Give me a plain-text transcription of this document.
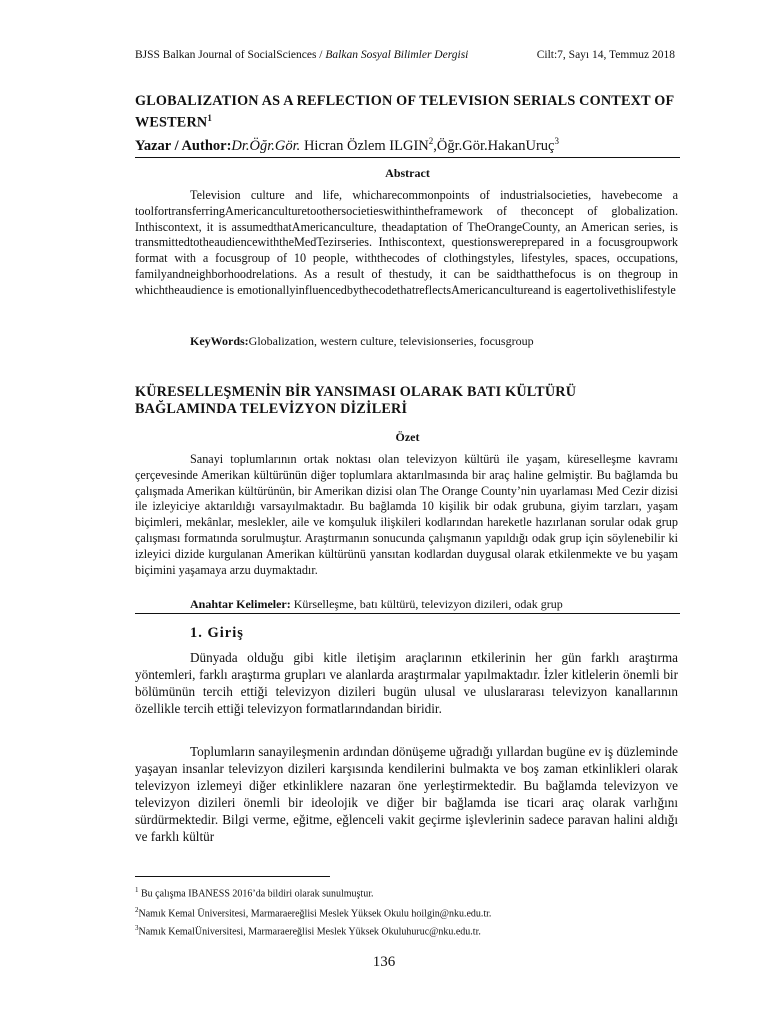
BJSS Balkan Journal of SocialSciences / Balkan Sosyal Bilimler Dergisi	Cilt:7, Sayı 14, Temmuz 2018
GLOBALIZATION AS A REFLECTION OF TELEVISION SERIALS CONTEXT OF WESTERN$^1$
Yazar / Author:Dr.Öğr.Gör. Hicran Özlem ILGIN$^2$,Öğr.Gör.HakanUruç$^3$
Abstract

Television culture and life, whicharecommonpoints of industrialsocieties, havebecome a toolfortransferringAmericanculturetoothersocietieswithintheframework of theconcept of globalization. Inthiscontext, it is assumedthatAmericanculture, theadaptation of TheOrangeCounty, an American series, is transmittedtotheaudiencewiththeMedTezirseries. Inthiscontext, questionswereprepared in a focusgroupwork format with a focusgroup of 10 people, withthecodes of clothingstyles, lifestyles, spaces, occupations, familyandneighborhoodrelations. As a result of thestudy, it can be saidthatthefocus is on thegroup in whichtheaudience is emotionallyinfluencedbythecodethatreflectsAmericancultureand is eagertolivethislifestyle

KeyWords:Globalization, western culture, televisionseries, focusgroup
KÜRESELLEŞMENİN BİR YANSIMASI OLARAK BATI KÜLTÜRÜ BAĞLAMINDA TELEVİZYON DİZİLERİ
Özet

Sanayi toplumlarının ortak noktası olan televizyon kültürü ile yaşam, küreselleşme kavramı çerçevesinde Amerikan kültürünün diğer toplumlara aktarılmasında bir araç haline gelmiştir. Bu bağlamda bu çalışmada Amerikan kültürünün, bir Amerikan dizisi olan The Orange County’nin uyarlaması Med Cezir dizisi ile izleyiciye aktarıldığı varsayılmaktadır. Bu bağlamda 10 kişilik bir odak grubuna, giyim tarzları, yaşam biçimleri, mekânlar, meslekler, aile ve komşuluk ilişkileri kodlarından hareketle hazırlanan sorular odak grup çalışması formatında sorulmuştur. Araştırmanın sonucunda çalışmanın yapıldığı odak grup için söylenebilir ki izleyici dizide kurgulanan Amerikan kültürünü yansıtan kodlardan duygusal olarak etkilenmekte ve bu yaşam biçimini yaşamaya arzu duymaktadır.

Anahtar Kelimeler: Kürselleşme, batı kültürü, televizyon dizileri, odak grup
1. Giriş

Dünyada olduğu gibi kitle iletişim araçlarının etkilerinin her gün farklı araştırma yöntemleri, farklı araştırma grupları ve alanlarda araştırmalar yapılmaktadır. İzler kitlelerin önemli bir bölümünün tercih ettiği televizyon dizileri bugün ulusal ve uluslararası televizyon kanallarının özellikle tercih ettiği televizyon formatlarındandan biridir.

Toplumların sanayileşmenin ardından dönüşeme uğradığı yıllardan bugüne ev iş düzleminde yaşayan insanlar televizyon dizileri karşısında kendilerini bulmakta ve boş zaman etkinlikleri olarak televizyon izlemeyi diğer etkinliklere nazaran öne yerleştirmektedir. Bu bağlamda televizyon ve televizyon dizileri önemli bir ideolojik ve diğer bir bağlamda ise ticari araç olarak varlığını sürdürmektedir. Bilgi verme, eğitme, eğlenceli vakit geçirme işlevlerinin sadece paravan halini aldığı ve farklı kültür

$^1$ Bu çalışma IBANESS 2016’da bildiri olarak sunulmuştur.
$^2$Namık Kemal Üniversitesi, Marmaraereğlisi Meslek Yüksek Okulu hoilgin@nku.edu.tr.
$^3$Namık KemalÜniversitesi, Marmaraereğlisi Meslek Yüksek Okuluhuruc@nku.edu.tr.
136
